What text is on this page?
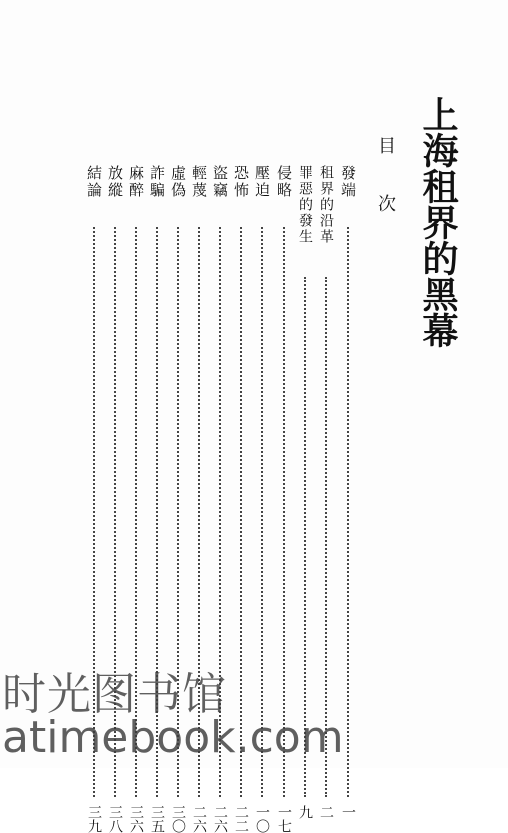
上海租界的黑幕
目次
發端
一
租界的沿革
二
罪惡的發生
九
侵略
一七
壓迫
一〇
恐怖
二二
盜竊
二六
輕蔑
二六
虛偽
三〇
詐騙
三五
麻醉
三六
放縱
三八
結論
三九
时光图书馆
atimebook.com
